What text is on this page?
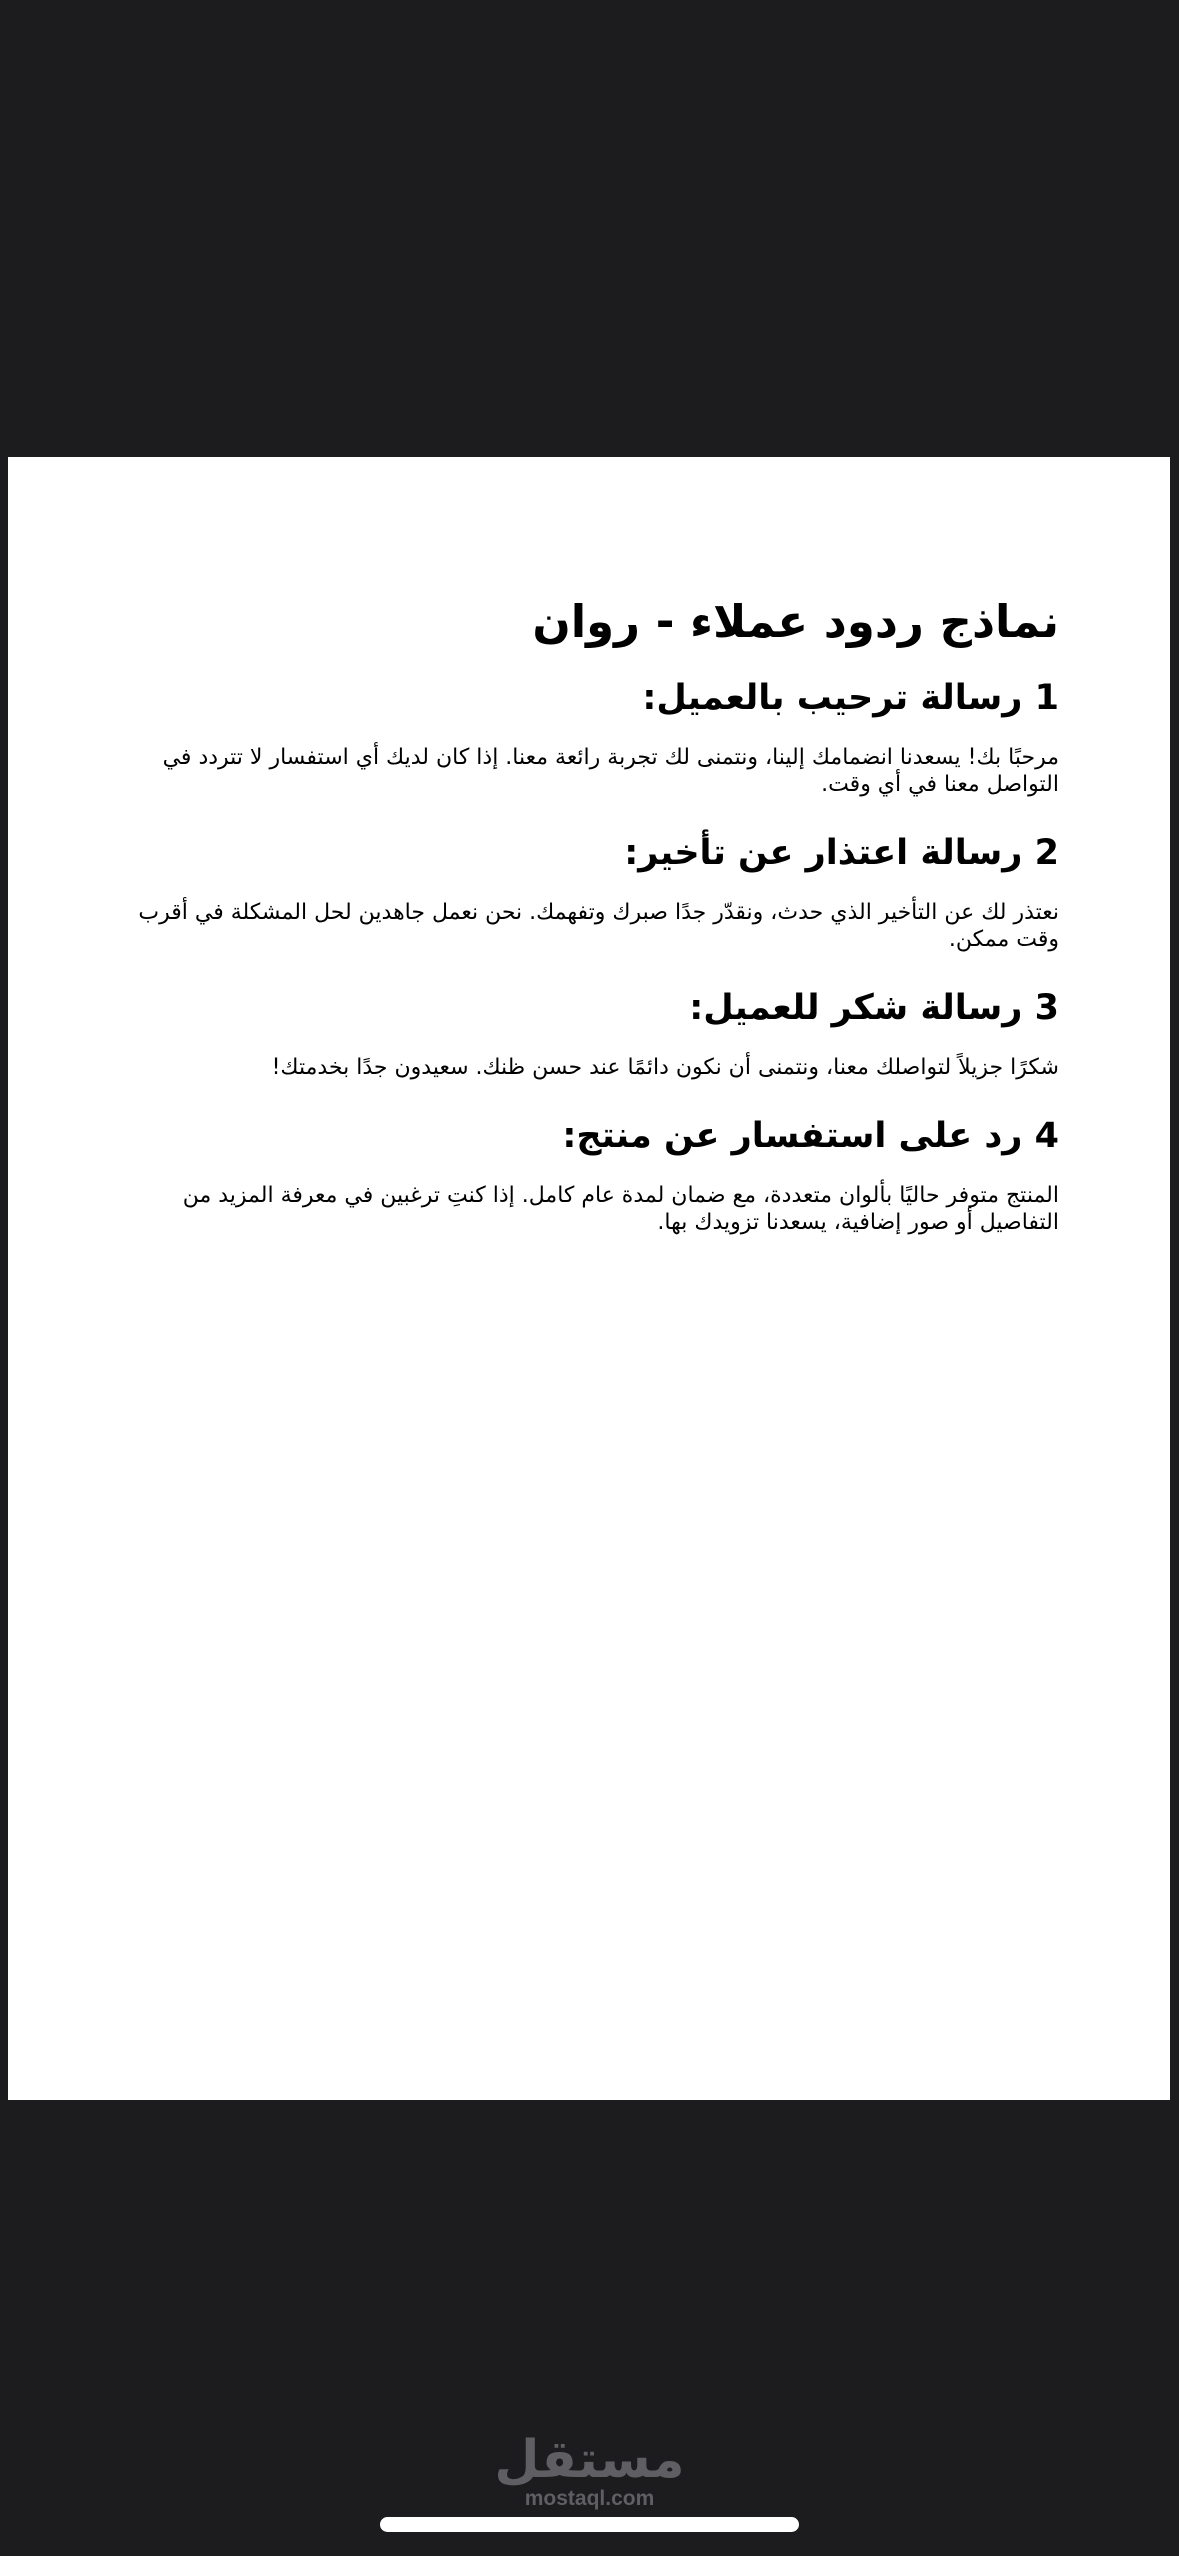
نماذج ردود عملاء - روان
1 رسالة ترحيب بالعميل:

مرحبًا بك! يسعدنا انضمامك إلينا، ونتمنى لك تجربة رائعة معنا. إذا كان لديك أي استفسار لا تتردد في التواصل معنا في أي وقت.

2 رسالة اعتذار عن تأخير:

نعتذر لك عن التأخير الذي حدث، ونقدّر جدًا صبرك وتفهمك. نحن نعمل جاهدين لحل المشكلة في أقرب وقت ممكن.

3 رسالة شكر للعميل:

شكرًا جزيلاً لتواصلك معنا، ونتمنى أن نكون دائمًا عند حسن ظنك. سعيدون جدًا بخدمتك!

4 رد على استفسار عن منتج:

المنتج متوفر حاليًا بألوان متعددة، مع ضمان لمدة عام كامل. إذا كنتِ ترغبين في معرفة المزيد من التفاصيل أو صور إضافية، يسعدنا تزويدك بها.

مستقل
mostaql.com
